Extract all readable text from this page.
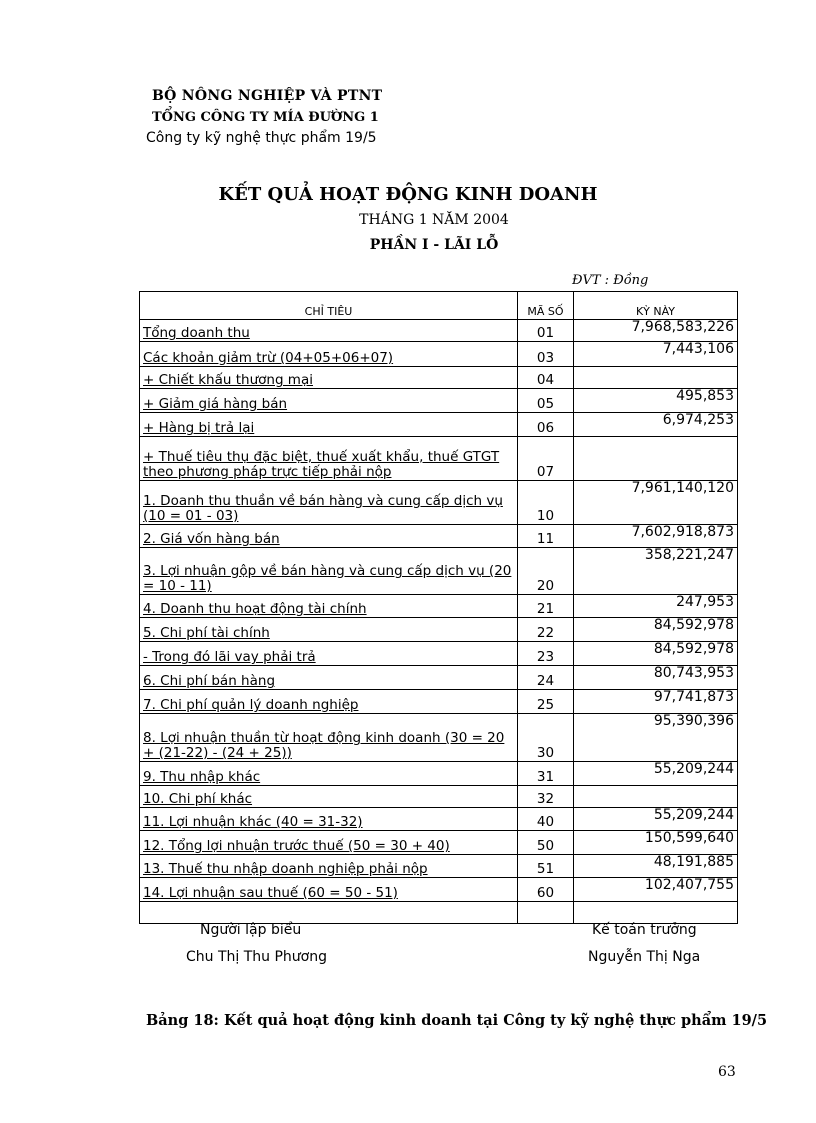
BỘ NÔNG NGHIỆP VÀ PTNT
TỔNG CÔNG TY MÍA ĐƯỜNG 1
Công ty kỹ nghệ thực phẩm 19/5
KẾT QUẢ HOẠT ĐỘNG KINH DOANH
THÁNG 1 NĂM 2004
PHẦN I - LÃI LỖ
ĐVT : Đồng
CHỈ TIÊU	MÃ SỐ	KỲ NÀY
Tổng doanh thu	01	7,968,583,226
Các khoản giảm trừ (04+05+06+07)	03	7,443,106
+ Chiết khấu thương mại	04	
+ Giảm giá hàng bán	05	495,853
+ Hàng bị trả lại	06	6,974,253
+ Thuế tiêu thụ đặc biệt, thuế xuất khẩu, thuế GTGT theo phương pháp trực tiếp phải nộp	07	
1. Doanh thu thuần về bán hàng và cung cấp dịch vụ (10 = 01 - 03)	10	7,961,140,120
2. Giá vốn hàng bán	11	7,602,918,873
3. Lợi nhuận gộp về bán hàng và cung cấp dịch vụ (20 = 10 - 11)	20	358,221,247
4. Doanh thu hoạt động tài chính	21	247,953
5. Chi phí tài chính	22	84,592,978
- Trong đó lãi vay phải trả	23	84,592,978
6. Chi phí bán hàng	24	80,743,953
7. Chi phí quản lý doanh nghiệp	25	97,741,873
8. Lợi nhuận thuần từ hoạt động kinh doanh (30 = 20 + (21-22) - (24 + 25))	30	95,390,396
9. Thu nhập khác	31	55,209,244
10. Chi phí khác	32	
11. Lợi nhuận khác (40 = 31-32)	40	55,209,244
12. Tổng lợi nhuận trước thuế (50 = 30 + 40)	50	150,599,640
13. Thuế thu nhập doanh nghiệp phải nộp	51	48,191,885
14. Lợi nhuận sau thuế (60 = 50 - 51)	60	102,407,755

Người lập biểu
Chu Thị Thu Phương
Kế toán trưởng
Nguyễn Thị Nga
Bảng 18: Kết quả hoạt động kinh doanh tại Công ty kỹ nghệ thực phẩm 19/5
63
